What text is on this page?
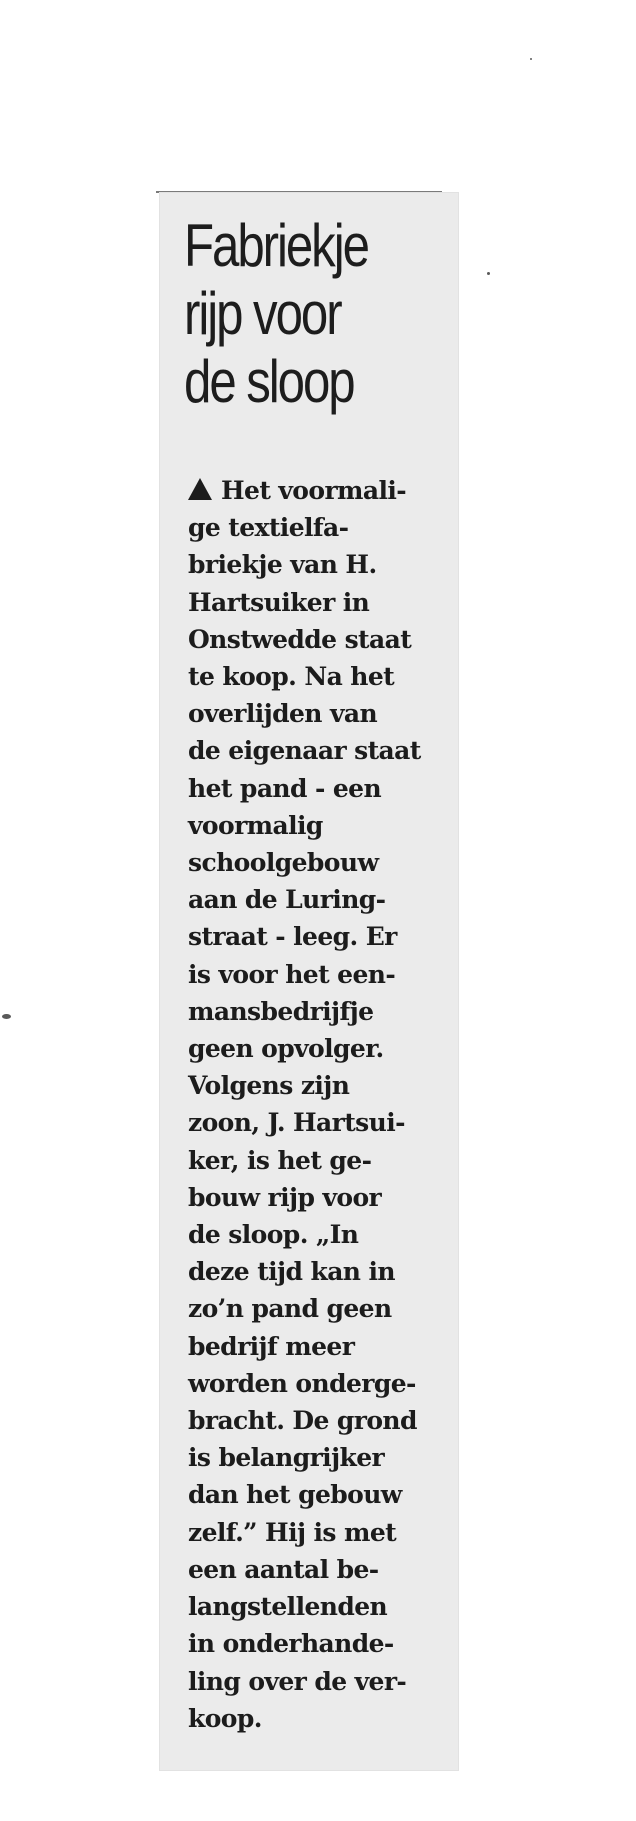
Fabriekje
rijp voor
de sloop
Het voormali-
ge textielfa-
briekje van H.
Hartsuiker in
Onstwedde staat
te koop. Na het
overlijden van
de eigenaar staat
het pand - een
voormalig
schoolgebouw
aan de Luring-
straat - leeg. Er
is voor het een-
mansbedrijfje
geen opvolger.
Volgens zijn
zoon, J. Hartsui-
ker, is het ge-
bouw rijp voor
de sloop. „In
deze tijd kan in
zo’n pand geen
bedrijf meer
worden onderge-
bracht. De grond
is belangrijker
dan het gebouw
zelf.” Hij is met
een aantal be-
langstellenden
in onderhande-
ling over de ver-
koop.
